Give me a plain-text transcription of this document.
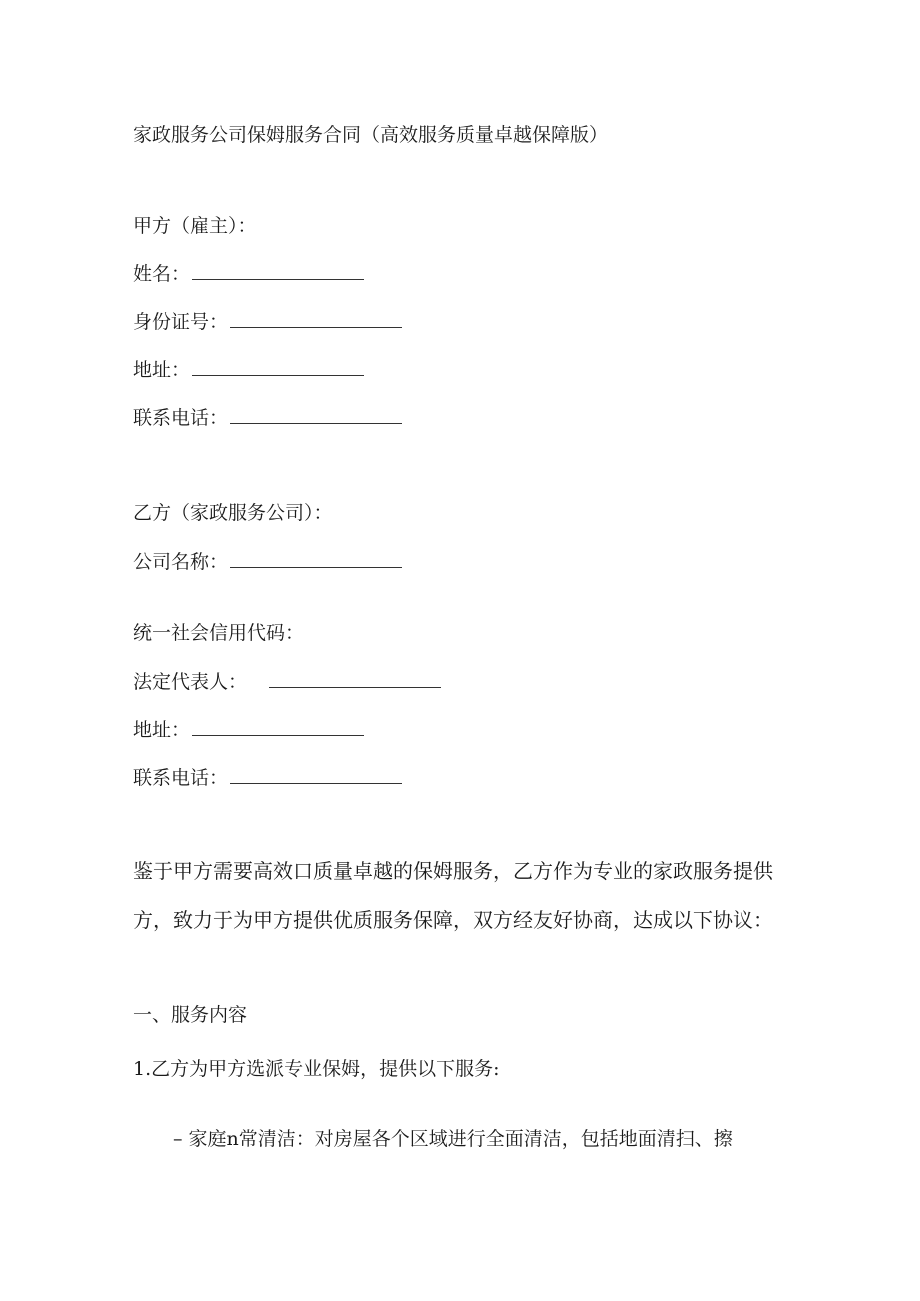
家政服务公司保姆服务合同（高效服务质量卓越保障版）
甲方（雇主）：
姓名：
身份证号：
地址：
联系电话：
乙方（家政服务公司）：
公司名称：
统一社会信用代码：
法定代表人：
地址：
联系电话：
鉴于甲方需要高效口质量卓越的保姆服务，乙方作为专业的家政服务提供
方，致力于为甲方提供优质服务保障，双方经友好协商，达成以下协议：
一、服务内容
1.乙方为甲方选派专业保姆，提供以下服务:
– 家庭n常清洁：对房屋各个区域进行全面清洁，包括地面清扫、擦
